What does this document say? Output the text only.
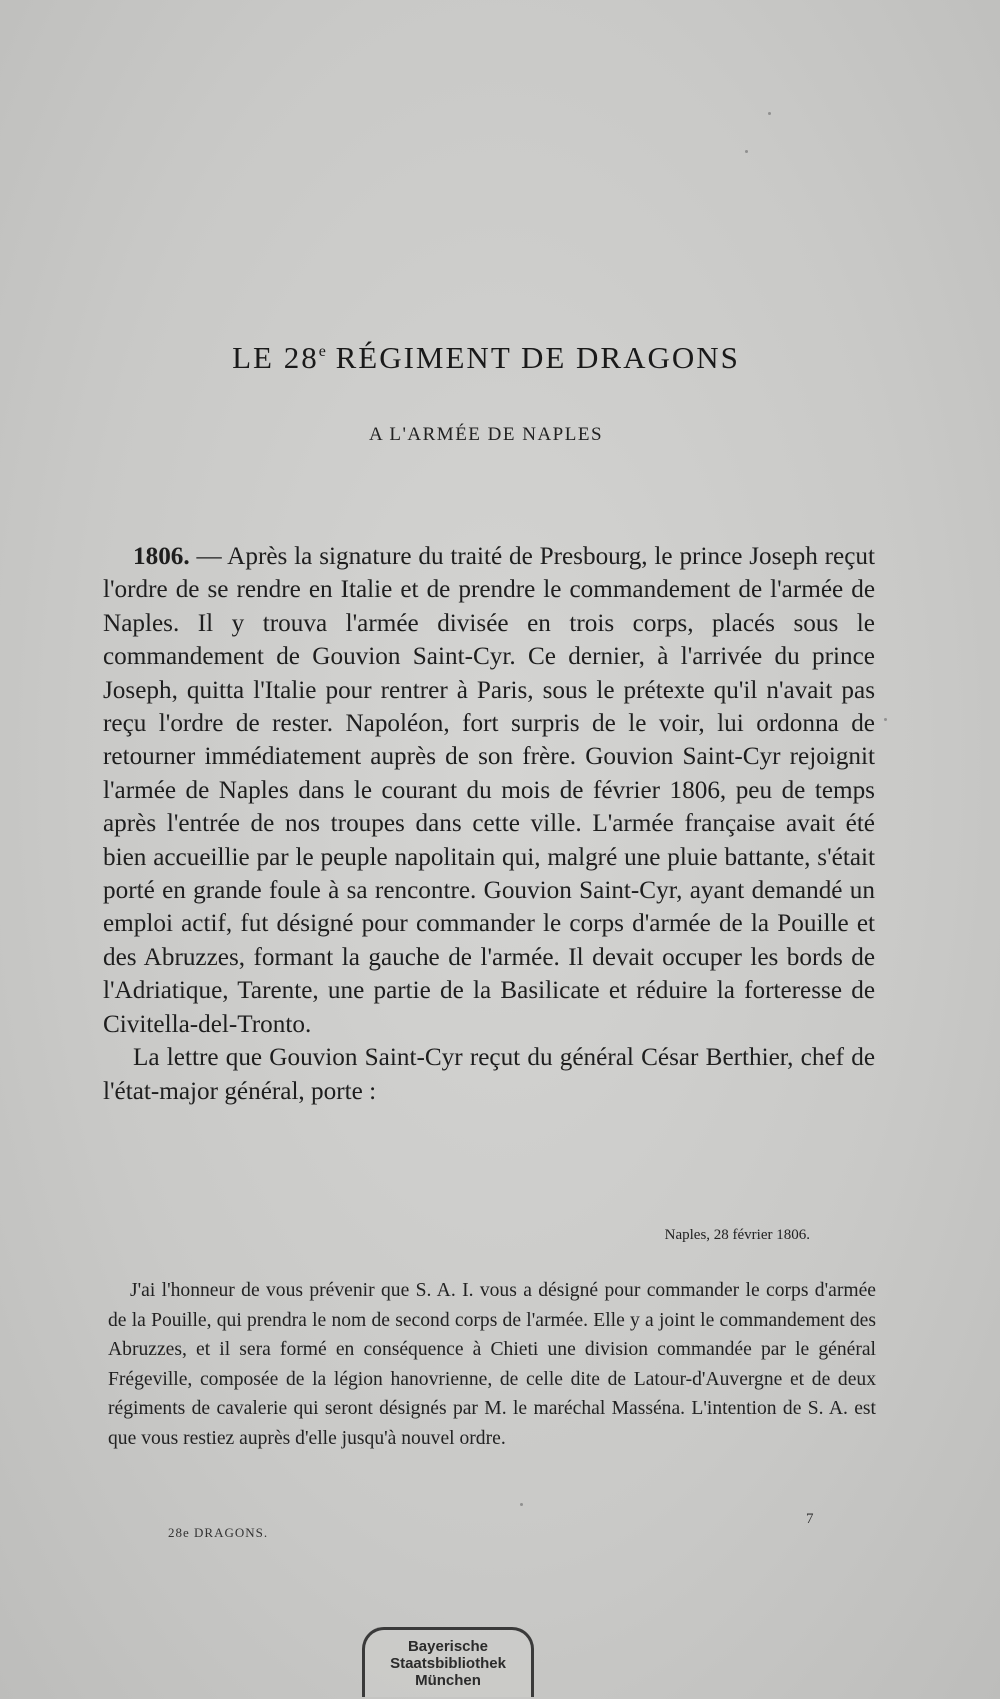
LE 28e RÉGIMENT DE DRAGONS
A L'ARMÉE DE NAPLES

1806. — Après la signature du traité de Presbourg, le prince Joseph reçut l'ordre de se rendre en Italie et de prendre le commandement de l'armée de Naples. Il y trouva l'armée divisée en trois corps, placés sous le commandement de Gouvion Saint-Cyr. Ce dernier, à l'arrivée du prince Joseph, quitta l'Italie pour rentrer à Paris, sous le prétexte qu'il n'avait pas reçu l'ordre de rester. Napoléon, fort surpris de le voir, lui ordonna de retourner immédiatement auprès de son frère. Gouvion Saint-Cyr rejoignit l'armée de Naples dans le courant du mois de février 1806, peu de temps après l'entrée de nos troupes dans cette ville. L'armée française avait été bien accueillie par le peuple napolitain qui, malgré une pluie battante, s'était porté en grande foule à sa rencontre. Gouvion Saint-Cyr, ayant demandé un emploi actif, fut désigné pour commander le corps d'armée de la Pouille et des Abruzzes, formant la gauche de l'armée. Il devait occuper les bords de l'Adriatique, Tarente, une partie de la Basilicate et réduire la forteresse de Civitella-del-Tronto.

La lettre que Gouvion Saint-Cyr reçut du général César Berthier, chef de l'état-major général, porte :

Naples, 28 février 1806.

J'ai l'honneur de vous prévenir que S. A. I. vous a désigné pour commander le corps d'armée de la Pouille, qui prendra le nom de second corps de l'armée. Elle y a joint le commandement des Abruzzes, et il sera formé en conséquence à Chieti une division commandée par le général Frégeville, composée de la légion hanovrienne, de celle dite de Latour-d'Auvergne et de deux régiments de cavalerie qui seront désignés par M. le maréchal Masséna. L'intention de S. A. est que vous restiez auprès d'elle jusqu'à nouvel ordre.

28e DRAGONS.
7
Bayerische
Staatsbibliothek
München
